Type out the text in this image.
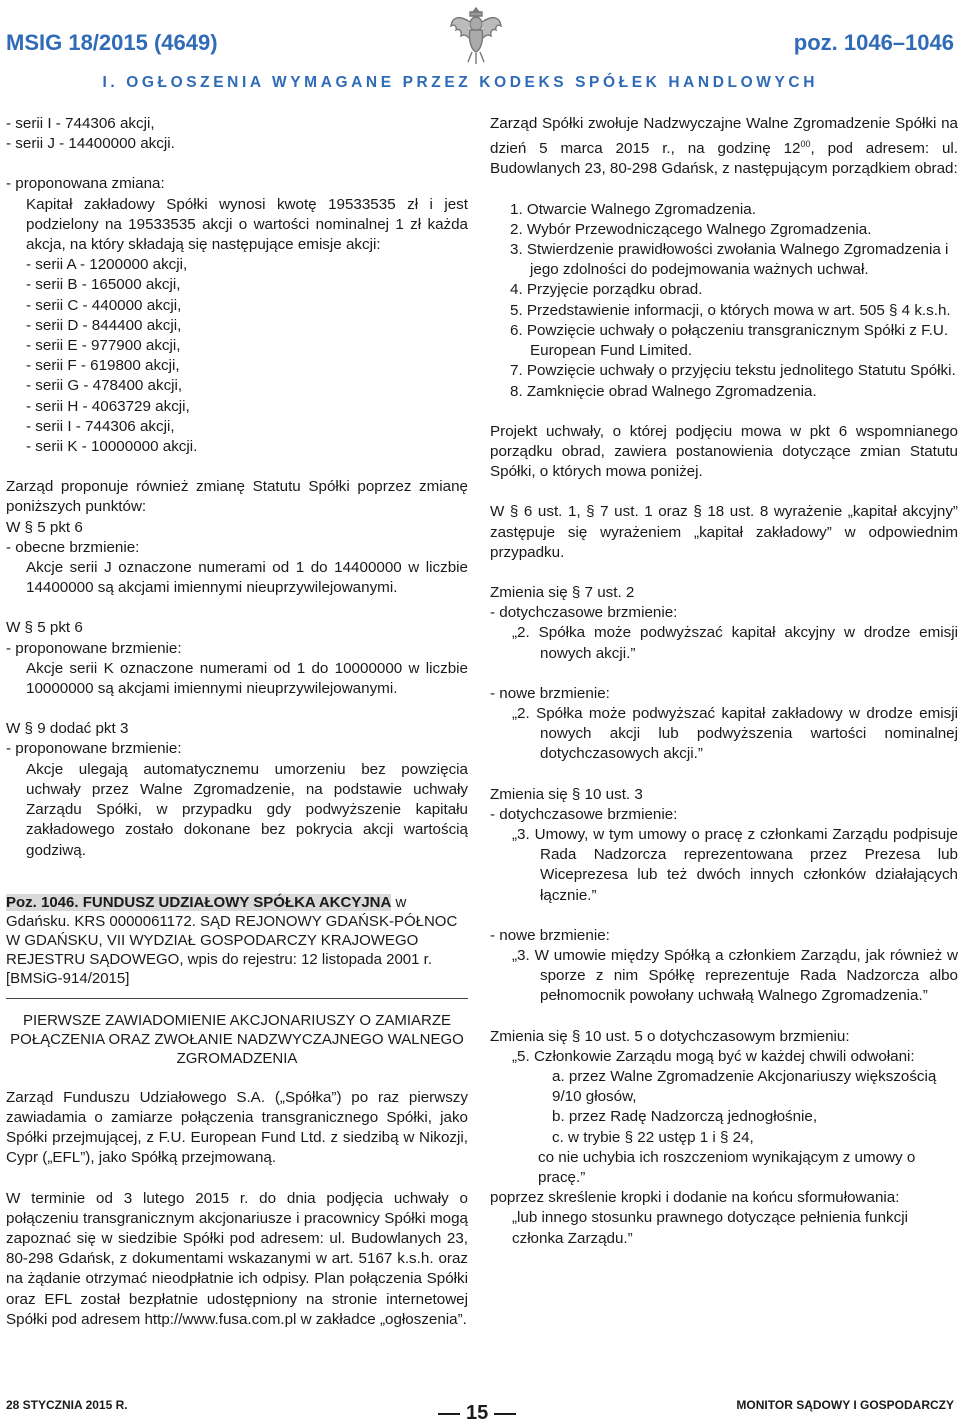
MSIG 18/2015 (4649)	poz. 1046–1046
I. OGŁOSZENIA WYMAGANE PRZEZ KODEKS SPÓŁEK HANDLOWYCH

- serii I - 744306 akcji,

- serii J - 14400000 akcji.

- proponowana zmiana:

Kapitał zakładowy Spółki wynosi kwotę 19533535 zł i jest podzielony na 19533535 akcji o wartości nominalnej 1 zł każda akcja, na który składają się następujące emisje akcji:

- serii A - 1200000 akcji,

- serii B - 165000 akcji,

- serii C - 440000 akcji,

- serii D - 844400 akcji,

- serii E - 977900 akcji,

- serii F - 619800 akcji,

- serii G - 478400 akcji,

- serii H - 4063729 akcji,

- serii I - 744306 akcji,

- serii K - 10000000 akcji.

Zarząd proponuje również zmianę Statutu Spółki poprzez zmianę poniższych punktów:

W § 5 pkt 6

- obecne brzmienie:

Akcje serii J oznaczone numerami od 1 do 14400000 w liczbie 14400000 są akcjami imiennymi nieuprzywilejowanymi.

W § 5 pkt 6

- proponowane brzmienie:

Akcje serii K oznaczone numerami od 1 do 10000000 w liczbie 10000000 są akcjami imiennymi nieuprzywilejowanymi.

W § 9 dodać pkt 3

- proponowane brzmienie:

Akcje ulegają automatycznemu umorzeniu bez powzięcia uchwały przez Walne Zgromadzenie, na podstawie uchwały Zarządu Spółki, w przypadku gdy podwyższenie kapitału zakładowego zostało dokonane bez pokrycia akcji wartością godziwą.

Poz. 1046. FUNDUSZ UDZIAŁOWY SPÓŁKA AKCYJNA w Gdańsku. KRS 0000061172. SĄD REJONOWY GDAŃSK-PÓŁNOC W GDAŃSKU, VII WYDZIAŁ GOSPODARCZY KRAJOWEGO REJESTRU SĄDOWEGO, wpis do rejestru: 12 listopada 2001 r. [BMSiG-914/2015]

PIERWSZE ZAWIADOMIENIE AKCJONARIUSZY O ZAMIARZE POŁĄCZENIA ORAZ ZWOŁANIE NADZWYCZAJNEGO WALNEGO ZGROMADZENIA

Zarząd Funduszu Udziałowego S.A. („Spółka”) po raz pierwszy zawiadamia o zamiarze połączenia transgranicznego Spółki, jako Spółki przejmującej, z F.U. European Fund Ltd. z siedzibą w Nikozji, Cypr („EFL”), jako Spółką przejmowaną.

W terminie od 3 lutego 2015 r. do dnia podjęcia uchwały o połączeniu transgranicznym akcjonariusze i pracownicy Spółki mogą zapoznać się w siedzibie Spółki pod adresem: ul. Budowlanych 23, 80-298 Gdańsk, z dokumentami wskazanymi w art. 5167 k.s.h. oraz na żądanie otrzymać nieodpłatnie ich odpisy. Plan połączenia Spółki oraz EFL został bezpłatnie udostępniony na stronie internetowej Spółki pod adresem http://www.fusa.com.pl w zakładce „ogłoszenia”.

Zarząd Spółki zwołuje Nadzwyczajne Walne Zgromadzenie Spółki na dzień 5 marca 2015 r., na godzinę $12^{00}$, pod adresem: ul. Budowlanych 23, 80-298 Gdańsk, z następującym porządkiem obrad:

1. Otwarcie Walnego Zgromadzenia.

2. Wybór Przewodniczącego Walnego Zgromadzenia.

3. Stwierdzenie prawidłowości zwołania Walnego Zgromadzenia i jego zdolności do podejmowania ważnych uchwał.

4. Przyjęcie porządku obrad.

5. Przedstawienie informacji, o których mowa w art. 505 § 4 k.s.h.

6. Powzięcie uchwały o połączeniu transgranicznym Spółki z F.U. European Fund Limited.

7. Powzięcie uchwały o przyjęciu tekstu jednolitego Statutu Spółki.

8. Zamknięcie obrad Walnego Zgromadzenia.

Projekt uchwały, o której podjęciu mowa w pkt 6 wspomnianego porządku obrad, zawiera postanowienia dotyczące zmian Statutu Spółki, o których mowa poniżej.

W § 6 ust. 1, § 7 ust. 1 oraz § 18 ust. 8 wyrażenie „kapitał akcyjny” zastępuje się wyrażeniem „kapitał zakładowy” w odpowiednim przypadku.

Zmienia się § 7 ust. 2

- dotychczasowe brzmienie:

„2. Spółka może podwyższać kapitał akcyjny w drodze emisji nowych akcji.”

- nowe brzmienie:

„2. Spółka może podwyższać kapitał zakładowy w drodze emisji nowych akcji lub podwyższenia wartości nominalnej dotychczasowych akcji.”

Zmienia się § 10 ust. 3

- dotychczasowe brzmienie:

„3. Umowy, w tym umowy o pracę z członkami Zarządu podpisuje Rada Nadzorcza reprezentowana przez Prezesa lub Wiceprezesa lub też dwóch innych członków działających łącznie.”

- nowe brzmienie:

„3. W umowie między Spółką a członkiem Zarządu, jak również w sporze z nim Spółkę reprezentuje Rada Nadzorcza albo pełnomocnik powołany uchwałą Walnego Zgromadzenia.”

Zmienia się § 10 ust. 5 o dotychczasowym brzmieniu:

„5. Członkowie Zarządu mogą być w każdej chwili odwołani:

a. przez Walne Zgromadzenie Akcjonariuszy większością 9/10 głosów,

b. przez Radę Nadzorczą jednogłośnie,

c. w trybie § 22 ustęp 1 i § 24,

co nie uchybia ich roszczeniom wynikającym z umowy o pracę.”

poprzez skreślenie kropki i dodanie na końcu sformułowania:

„lub innego stosunku prawnego dotyczące pełnienia funkcji członka Zarządu.”

28 STYCZNIA 2015 R.	15	MONITOR SĄDOWY I GOSPODARCZY
